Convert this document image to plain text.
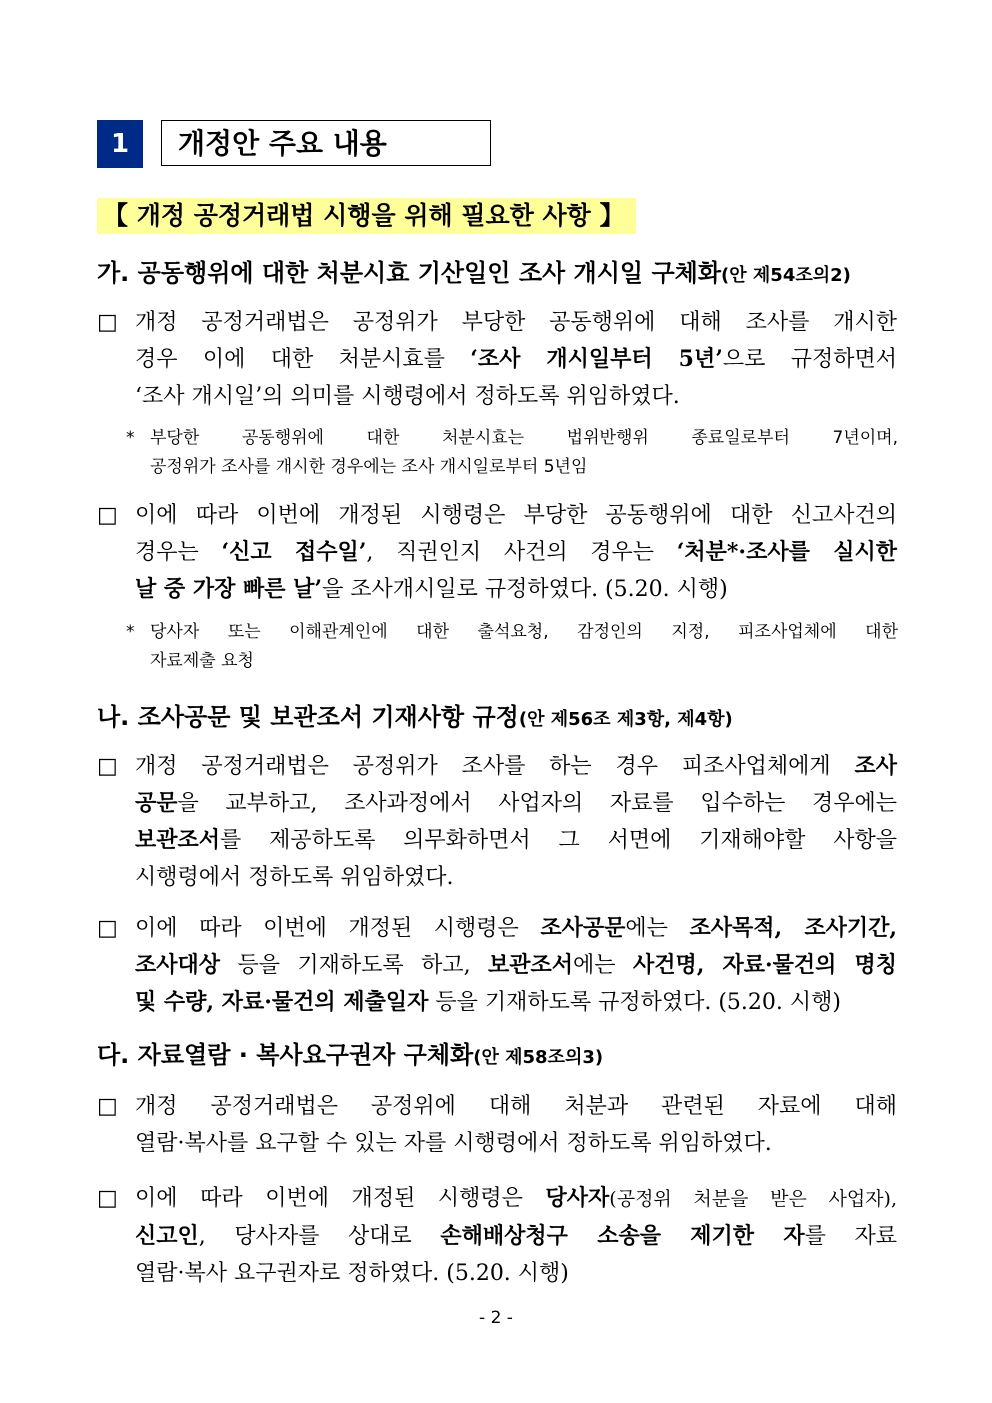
1	개정안 주요 내용
【 개정 공정거래법 시행을 위해 필요한 사항 】
가. 공동행위에 대한 처분시효 기산일인 조사 개시일 구체화(안 제54조의2)
□ 개정 공정거래법은 공정위가 부당한 공동행위에 대해 조사를 개시한
경우 이에 대한 처분시효를 ‘조사 개시일부터 5년’으로 규정하면서
‘조사 개시일’의 의미를 시행령에서 정하도록 위임하였다.
* 부당한 공동행위에 대한 처분시효는 법위반행위 종료일로부터 7년이며,
공정위가 조사를 개시한 경우에는 조사 개시일로부터 5년임
□ 이에 따라 이번에 개정된 시행령은 부당한 공동행위에 대한 신고사건의
경우는 ‘신고 접수일’, 직권인지 사건의 경우는 ‘처분*·조사를 실시한
날 중 가장 빠른 날’을 조사개시일로 규정하였다. (5.20. 시행)
* 당사자 또는 이해관계인에 대한 출석요청, 감정인의 지정, 피조사업체에 대한
자료제출 요청
나. 조사공문 및 보관조서 기재사항 규정(안 제56조 제3항, 제4항)
□ 개정 공정거래법은 공정위가 조사를 하는 경우 피조사업체에게 조사
공문을 교부하고, 조사과정에서 사업자의 자료를 입수하는 경우에는
보관조서를 제공하도록 의무화하면서 그 서면에 기재해야할 사항을
시행령에서 정하도록 위임하였다.
□ 이에 따라 이번에 개정된 시행령은 조사공문에는 조사목적, 조사기간,
조사대상 등을 기재하도록 하고, 보관조서에는 사건명, 자료·물건의 명칭
및 수량, 자료·물건의 제출일자 등을 기재하도록 규정하였다. (5.20. 시행)
다. 자료열람 · 복사요구권자 구체화(안 제58조의3)
□ 개정 공정거래법은 공정위에 대해 처분과 관련된 자료에 대해
열람·복사를 요구할 수 있는 자를 시행령에서 정하도록 위임하였다.
□ 이에 따라 이번에 개정된 시행령은 당사자(공정위 처분을 받은 사업자),
신고인, 당사자를 상대로 손해배상청구 소송을 제기한 자를 자료
열람·복사 요구권자로 정하였다. (5.20. 시행)
- 2 -
